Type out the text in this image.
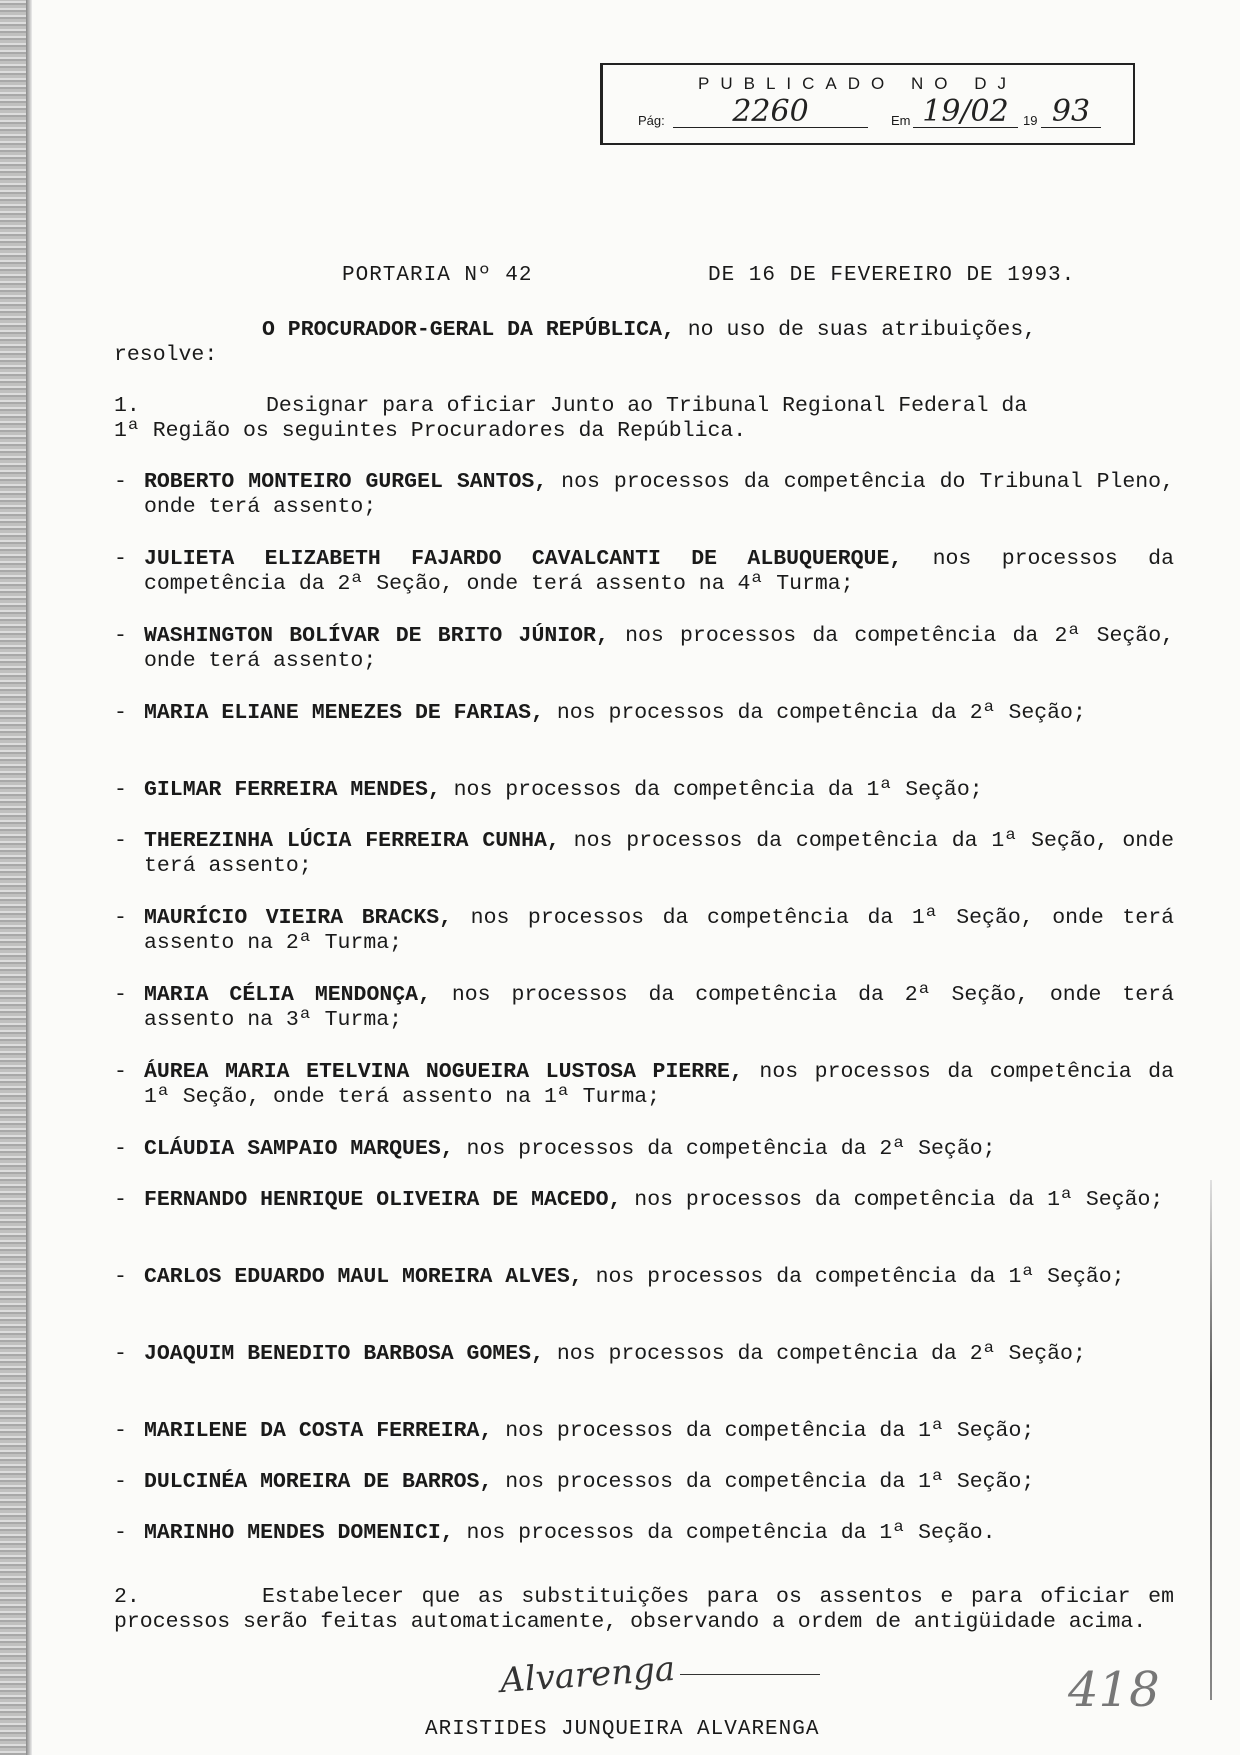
PUBLICADO NO DJ
Pág:	2260	Em 19/02	19 93
PORTARIA Nº 42	DE 16 DE FEVEREIRO DE 1993.
O PROCURADOR-GERAL DA REPÚBLICA, no uso de suas atribuições,
resolve:
1.	Designar para oficiar Junto ao Tribunal Regional Federal da
1ª Região os seguintes Procuradores da República.
- ROBERTO MONTEIRO GURGEL SANTOS, nos processos da competência do Tribunal Pleno, onde terá assento;
- JULIETA ELIZABETH FAJARDO CAVALCANTI DE ALBUQUERQUE, nos processos da competência da 2ª Seção, onde terá assento na 4ª Turma;
- WASHINGTON BOLÍVAR DE BRITO JÚNIOR, nos processos da competência da 2ª Seção, onde terá assento;
- MARIA ELIANE MENEZES DE FARIAS, nos processos da competência da 2ª Seção;
- GILMAR FERREIRA MENDES, nos processos da competência da 1ª Seção;
- THEREZINHA LÚCIA FERREIRA CUNHA, nos processos da competência da 1ª Seção, onde terá assento;
- MAURÍCIO VIEIRA BRACKS, nos processos da competência da 1ª Seção, onde terá assento na 2ª Turma;
- MARIA CÉLIA MENDONÇA, nos processos da competência da 2ª Seção, onde terá assento na 3ª Turma;
- ÁUREA MARIA ETELVINA NOGUEIRA LUSTOSA PIERRE, nos processos da competência da 1ª Seção, onde terá assento na 1ª Turma;
- CLÁUDIA SAMPAIO MARQUES, nos processos da competência da 2ª Seção;
- FERNANDO HENRIQUE OLIVEIRA DE MACEDO, nos processos da competência da 1ª Seção;
- CARLOS EDUARDO MAUL MOREIRA ALVES, nos processos da competência da 1ª Seção;
- JOAQUIM BENEDITO BARBOSA GOMES, nos processos da competência da 2ª Seção;
- MARILENE DA COSTA FERREIRA, nos processos da competência da 1ª Seção;
- DULCINÉA MOREIRA DE BARROS, nos processos da competência da 1ª Seção;
- MARINHO MENDES DOMENICI, nos processos da competência da 1ª Seção.
2.	Estabelecer que as substituições para os assentos e para oficiar em processos serão feitas automaticamente, observando a ordem de antigüidade acima.
Alvarenga
ARISTIDES JUNQUEIRA ALVARENGA
418
